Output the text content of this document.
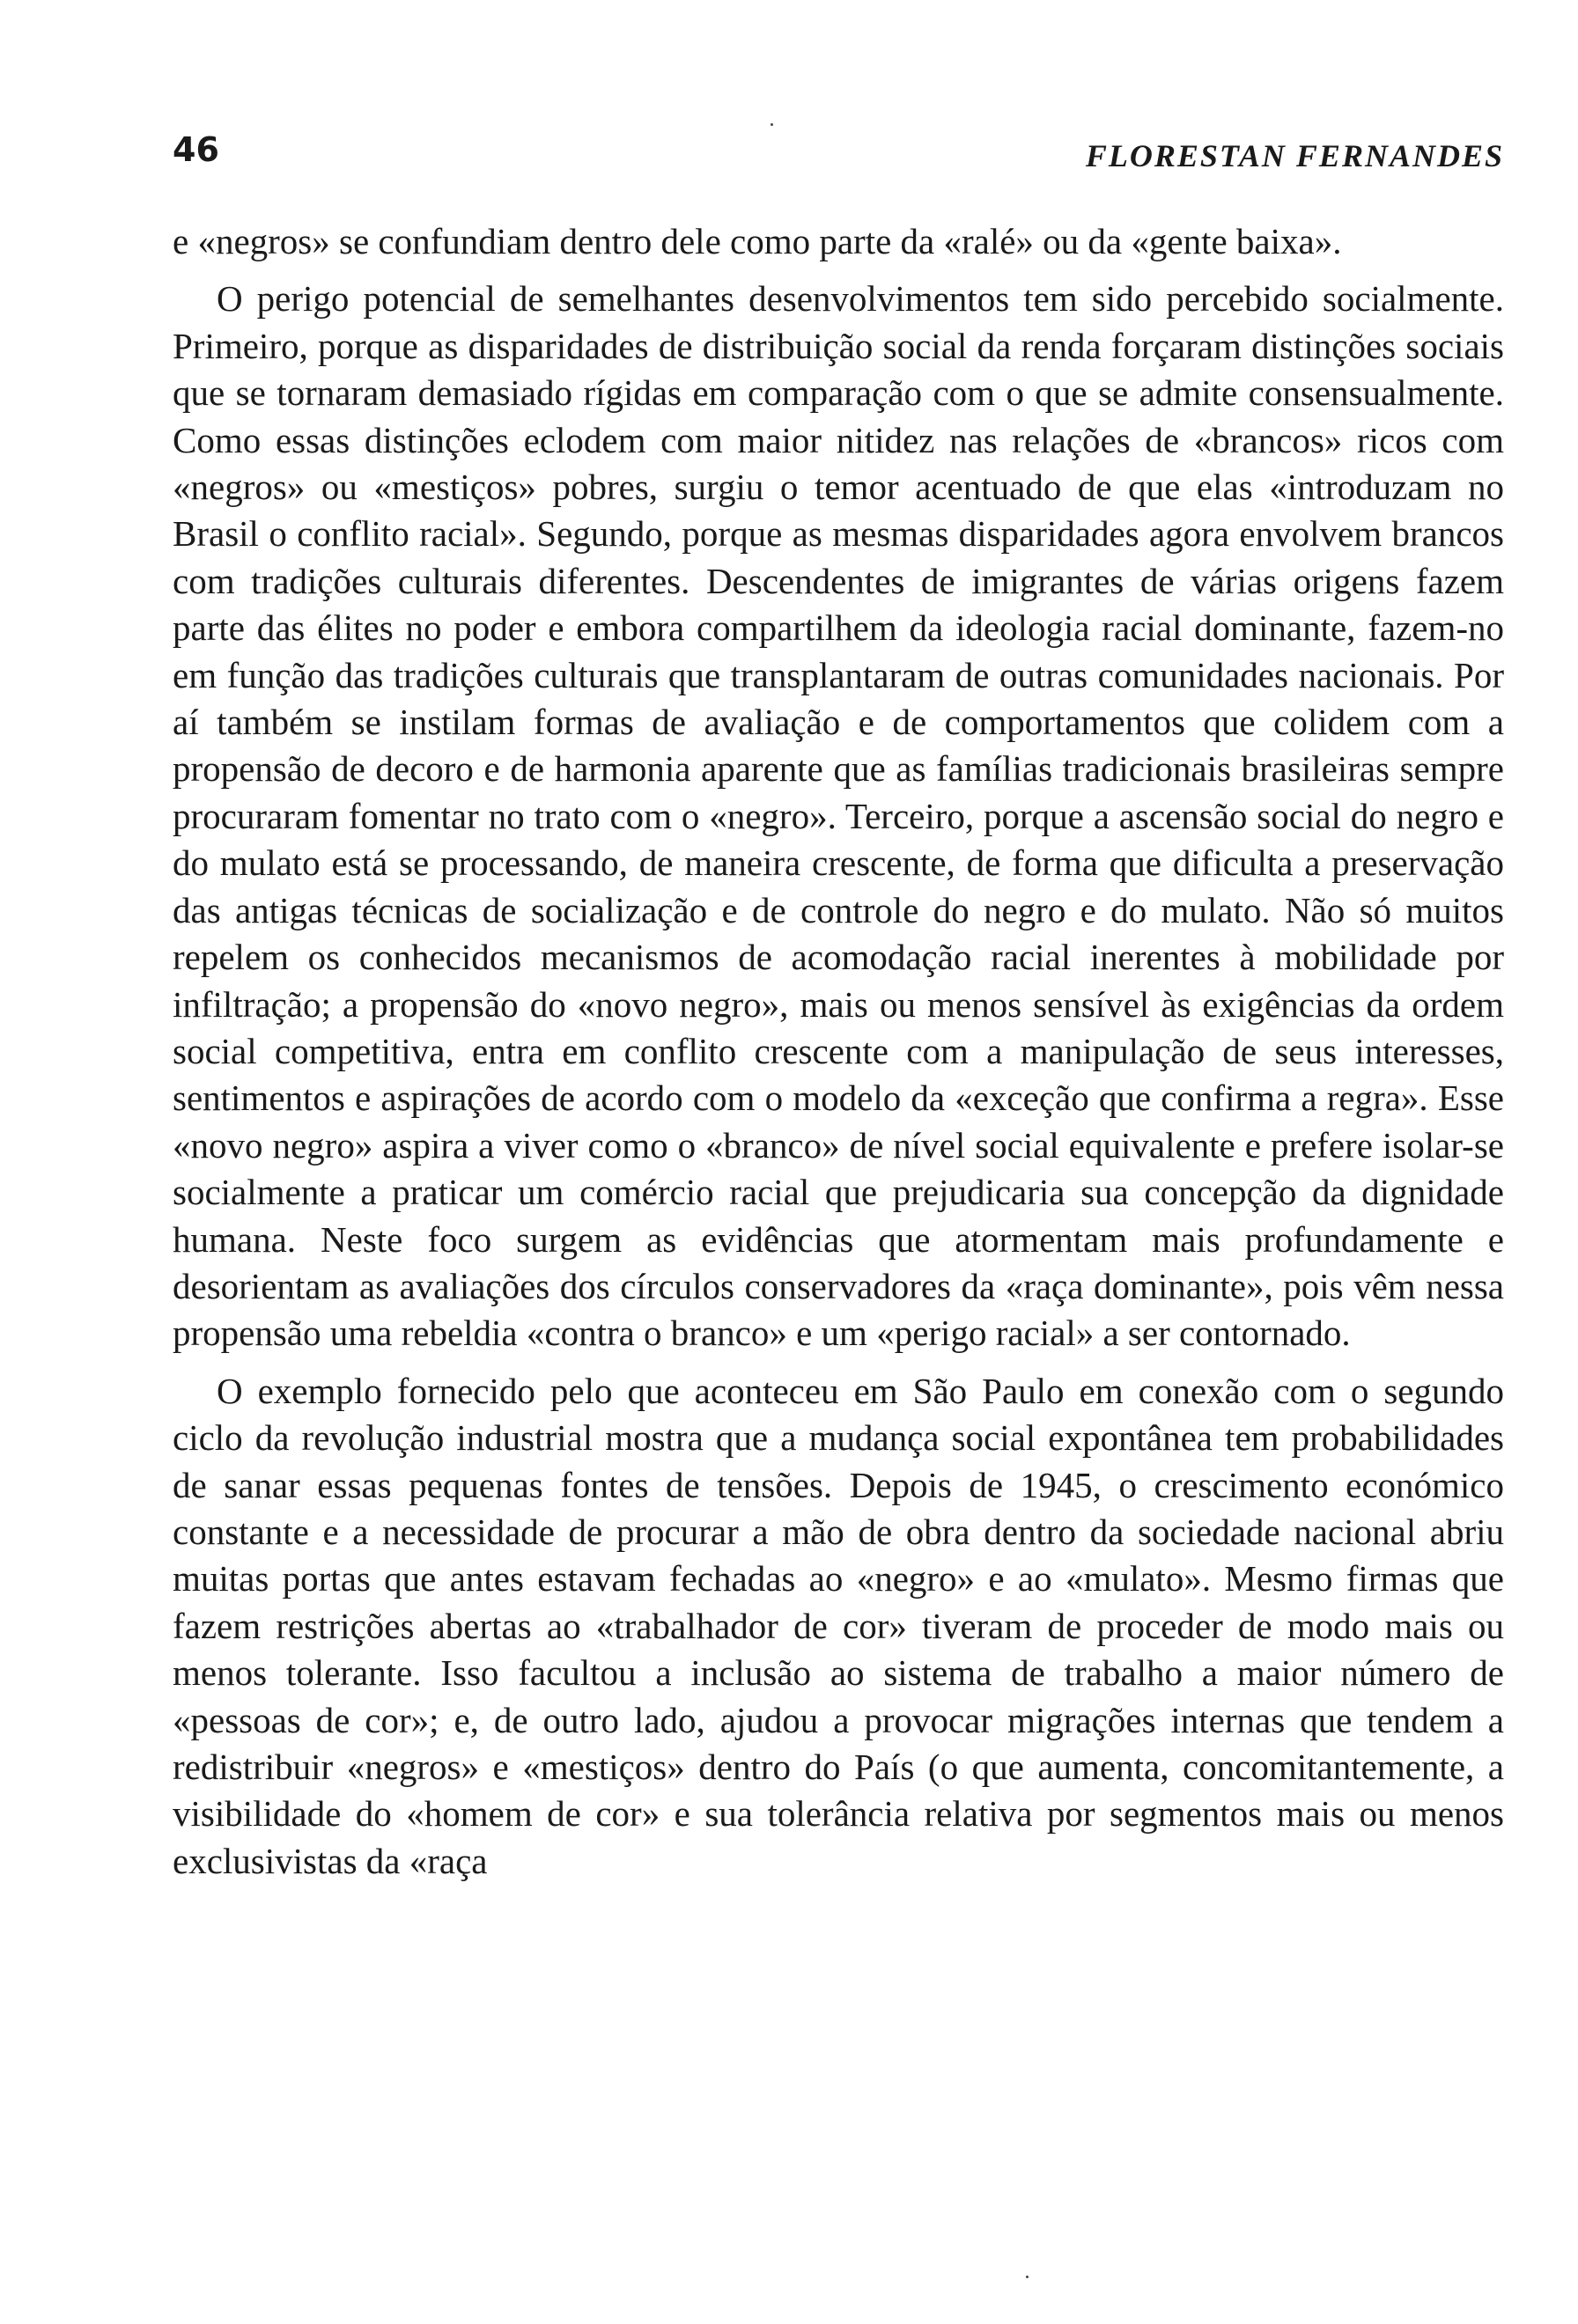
46	FLORESTAN FERNANDES

e «negros» se confundiam dentro dele como parte da «ralé» ou da «gente baixa».

O perigo potencial de semelhantes desenvolvimentos tem sido percebido socialmente. Primeiro, porque as disparidades de distribuição social da renda forçaram distinções sociais que se tornaram demasiado rígidas em comparação com o que se admite consensualmente. Como essas distinções eclodem com maior nitidez nas relações de «brancos» ricos com «negros» ou «mestiços» pobres, surgiu o temor acentuado de que elas «introduzam no Brasil o conflito racial». Segundo, porque as mesmas disparidades agora envolvem brancos com tradições culturais diferentes. Descendentes de imigrantes de várias origens fazem parte das élites no poder e embora compartilhem da ideologia racial dominante, fazem-no em função das tradições culturais que transplantaram de outras comunidades nacionais. Por aí também se instilam formas de avaliação e de comportamentos que colidem com a propensão de decoro e de harmonia aparente que as famílias tradicionais brasileiras sempre procuraram fomentar no trato com o «negro». Terceiro, porque a ascensão social do negro e do mulato está se processando, de maneira crescente, de forma que dificulta a preservação das antigas técnicas de socialização e de controle do negro e do mulato. Não só muitos repelem os conhecidos mecanismos de acomodação racial inerentes à mobilidade por infiltração; a propensão do «novo negro», mais ou menos sensível às exigências da ordem social competitiva, entra em conflito crescente com a manipulação de seus interesses, sentimentos e aspirações de acordo com o modelo da «exceção que confirma a regra». Esse «novo negro» aspira a viver como o «branco» de nível social equivalente e prefere isolar-se socialmente a praticar um comércio racial que prejudicaria sua concepção da dignidade humana. Neste foco surgem as evidências que atormentam mais profundamente e desorientam as avaliações dos círculos conservadores da «raça dominante», pois vêm nessa propensão uma rebeldia «contra o branco» e um «perigo racial» a ser contornado.

O exemplo fornecido pelo que aconteceu em São Paulo em conexão com o segundo ciclo da revolução industrial mostra que a mudança social expontânea tem probabilidades de sanar essas pequenas fontes de tensões. Depois de 1945, o crescimento económico constante e a necessidade de procurar a mão de obra dentro da sociedade nacional abriu muitas portas que antes estavam fechadas ao «negro» e ao «mulato». Mesmo firmas que fazem restrições abertas ao «trabalhador de cor» tiveram de proceder de modo mais ou menos tolerante. Isso facultou a inclusão ao sistema de trabalho a maior número de «pessoas de cor»; e, de outro lado, ajudou a provocar migrações internas que tendem a redistribuir «negros» e «mestiços» dentro do País (o que aumenta, concomitantemente, a visibilidade do «homem de cor» e sua tolerância relativa por segmentos mais ou menos exclusivistas da «raça
